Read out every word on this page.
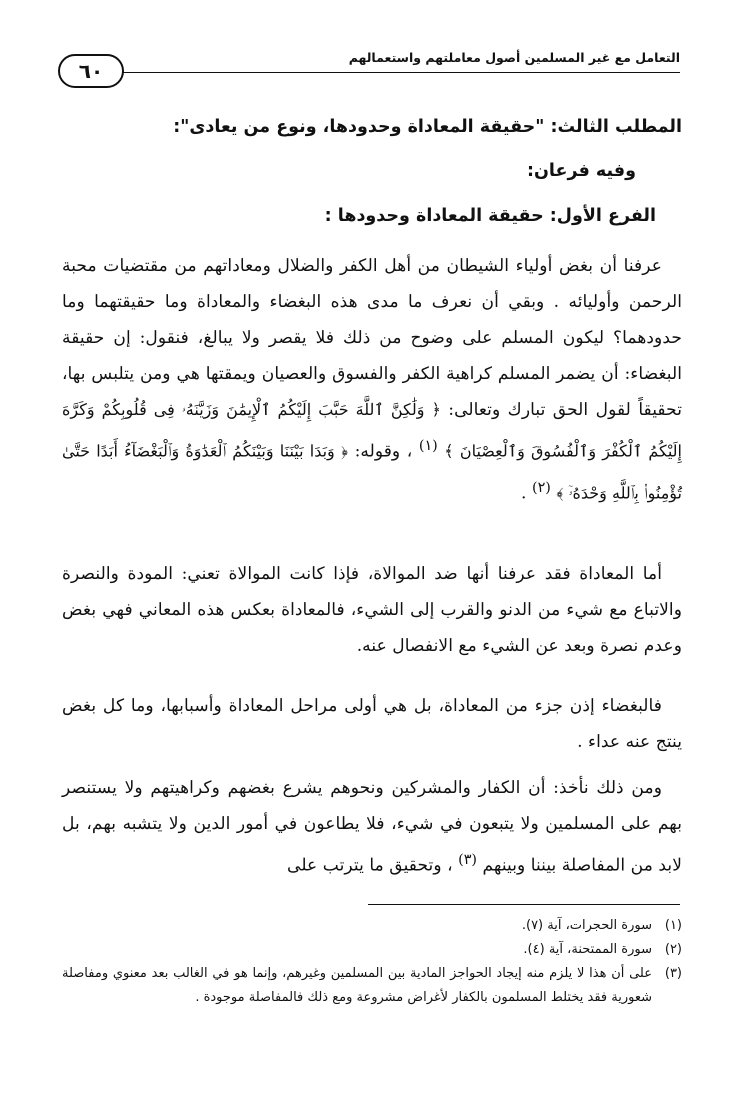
التعامل مع غير المسلمين أصول معاملتهم واستعمالهم
٦٠
المطلب الثالث: "حقيقة المعاداة وحدودها، ونوع من يعادى":
وفيه فرعان:
الفرع الأول: حقيقة المعاداة وحدودها :

عرفنا أن بغض أولياء الشيطان من أهل الكفر والضلال ومعاداتهم من مقتضيات محبة الرحمن وأوليائه . وبقي أن نعرف ما مدى هذه البغضاء والمعاداة وما حقيقتهما وما حدودهما؟ ليكون المسلم على وضوح من ذلك فلا يقصر ولا يبالغ، فنقول: إن حقيقة البغضاء: أن يضمر المسلم كراهية الكفر والفسوق والعصيان ويمقتها هي ومن يتلبس بها، تحقيقاً لقول الحق تبارك وتعالى: ﴿ وَلَٰكِنَّ ٱللَّهَ حَبَّبَ إِلَيْكُمُ ٱلْإِيمَٰنَ وَزَيَّنَهُۥ فِى قُلُوبِكُمْ وَكَرَّهَ إِلَيْكُمُ ٱلْكُفْرَ وَٱلْفُسُوقَ وَٱلْعِصْيَانَ ﴾ $^{(١)}$ ، وقوله: ﴿ وَبَدَا بَيْنَنَا وَبَيْنَكُمُ ٱلْعَدَٰوَةُ وَٱلْبَغْضَآءُ أَبَدًا حَتَّىٰ تُؤْمِنُوا۟ بِٱللَّهِ وَحْدَهُۥٓ ﴾ $^{(٢)}$ .

أما المعاداة فقد عرفنا أنها ضد الموالاة، فإذا كانت الموالاة تعني: المودة والنصرة والاتباع مع شيء من الدنو والقرب إلى الشيء، فالمعاداة بعكس هذه المعاني فهي بغض وعدم نصرة وبعد عن الشيء مع الانفصال عنه.

فالبغضاء إذن جزء من المعاداة، بل هي أولى مراحل المعاداة وأسبابها، وما كل بغض ينتج عنه عداء .

ومن ذلك نأخذ: أن الكفار والمشركين ونحوهم يشرع بغضهم وكراهيتهم ولا يستنصر بهم على المسلمين ولا يتبعون في شيء، فلا يطاعون في أمور الدين ولا يتشبه بهم، بل لابد من المفاصلة بيننا وبينهم $^{(٣)}$ ، وتحقيق ما يترتب على

(١)
سورة الحجرات، آية (٧).
(٢)
سورة الممتحنة، آية (٤).
(٣)
على أن هذا لا يلزم منه إيجاد الحواجز المادية بين المسلمين وغيرهم، وإنما هو في الغالب بعد معنوي ومفاصلة شعورية فقد يختلط المسلمون بالكفار لأغراض مشروعة ومع ذلك فالمفاصلة موجودة .
